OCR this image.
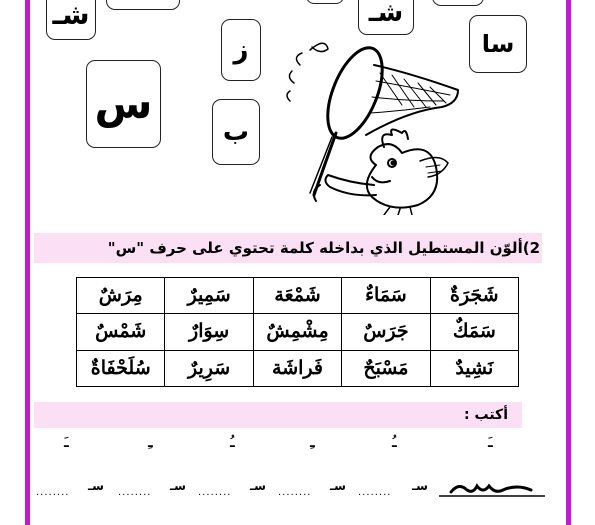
شـ	شـ
سا
ز
س
ب
2)ألوّن المستطيل الذي بداخله كلمة تحتوي على حرف "س"
شَجَرَةٌ	سَمَاءٌ	شَمْعَة	سَمِيرٌ	مِرَشٌ
سَمَكٌ	جَرَسٌ	مِشْمِشٌ	سِوَارٌ	شَمْسٌ
نَشِيدٌ	مَسْبَحٌ	فَراشَة	سَرِيرٌ	سُلَحْفَاةٌ
أكتب :
ـَ
ـُ
ـِ
ـُ
ـِ
ـَ
سِـ
........	........	........	........	........
سـ	سـ	سـ	سـ	سـ
